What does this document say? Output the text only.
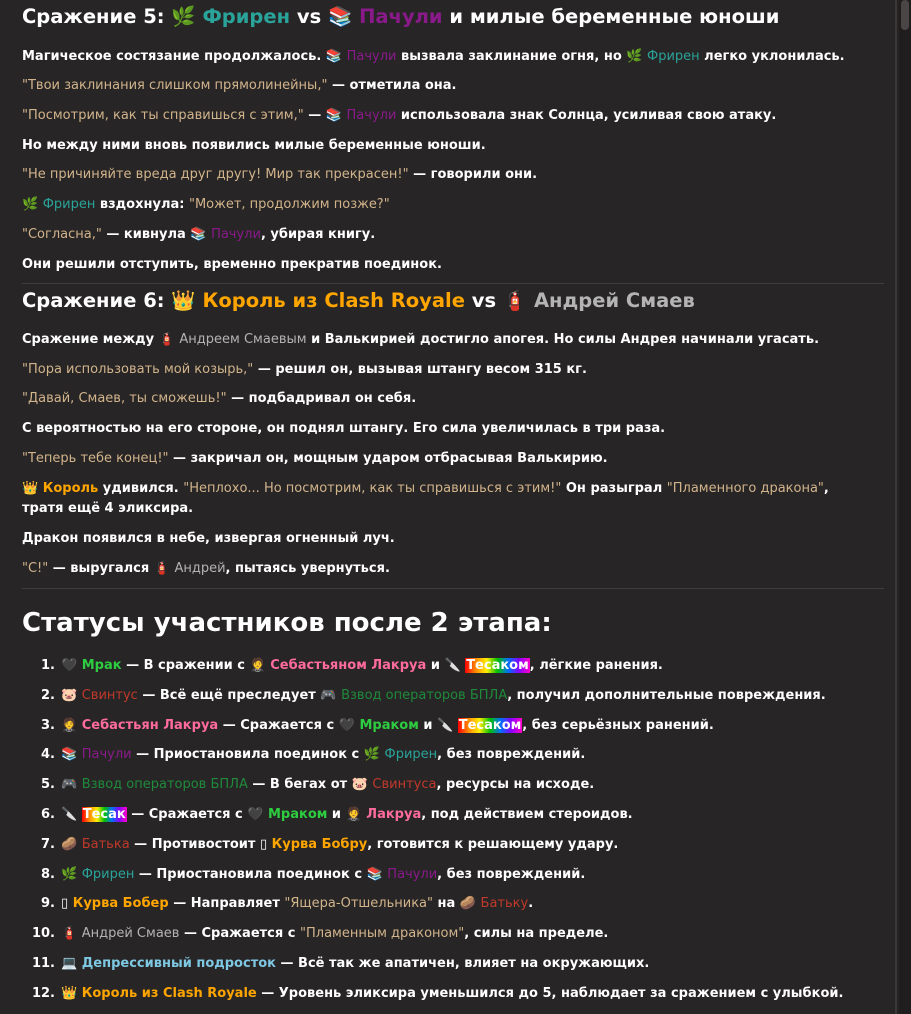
Сражение 5: 🌿 Фрирен vs 📚 Пачули и милые беременные юноши

Магическое состязание продолжалось. 📚 Пачули вызвала заклинание огня, но 🌿 Фрирен легко уклонилась.

"Твои заклинания слишком прямолинейны," — отметила она.

"Посмотрим, как ты справишься с этим," — 📚 Пачули использовала знак Солнца, усиливая свою атаку.

Но между ними вновь появились милые беременные юноши.

"Не причиняйте вреда друг другу! Мир так прекрасен!" — говорили они.

🌿 Фрирен вздохнула: "Может, продолжим позже?"

"Согласна," — кивнула 📚 Пачули, убирая книгу.

Они решили отступить, временно прекратив поединок.

Сражение 6: 👑 Король из Clash Royale vs 🧯 Андрей Смаев

Сражение между 🧯 Андреем Смаевым и Валькирией достигло апогея. Но силы Андрея начинали угасать.

"Пора использовать мой козырь," — решил он, вызывая штангу весом 315 кг.

"Давай, Смаев, ты сможешь!" — подбадривал он себя.

С вероятностью на его стороне, он поднял штангу. Его сила увеличилась в три раза.

"Теперь тебе конец!" — закричал он, мощным ударом отбрасывая Валькирию.

👑 Король удивился. "Неплохо... Но посмотрим, как ты справишься с этим!" Он разыграл "Пламенного дракона", тратя ещё 4 эликсира.

Дракон появился в небе, извергая огненный луч.

"С!" — выругался 🧯 Андрей, пытаясь увернуться.

Статусы участников после 2 этапа:
1. 🖤 Мрак — В сражении с 🤵 Себастьяном Лакруа и 🔪 Тесаком, лёгкие ранения.
2. 🐷 Свинтус — Всё ещё преследует 🎮 Взвод операторов БПЛА, получил дополнительные повреждения.
3. 🤵 Себастьян Лакруа — Сражается с 🖤 Мраком и 🔪 Тесаком, без серьёзных ранений.
4. 📚 Пачули — Приостановила поединок с 🌿 Фрирен, без повреждений.
5. 🎮 Взвод операторов БПЛА — В бегах от 🐷 Свинтуса, ресурсы на исходе.
6. 🔪 Тесак — Сражается с 🖤 Мраком и 🤵 Лакруа, под действием стероидов.
7. 🥔 Батька — Противостоит ▯ Курва Бобру, готовится к решающему удару.
8. 🌿 Фрирен — Приостановила поединок с 📚 Пачули, без повреждений.
9. ▯ Курва Бобер — Направляет "Ящера-Отшельника" на 🥔 Батьку.
10. 🧯 Андрей Смаев — Сражается с "Пламенным драконом", силы на пределе.
11. 💻 Депрессивный подросток — Всё так же апатичен, влияет на окружающих.
12. 👑 Король из Clash Royale — Уровень эликсира уменьшился до 5, наблюдает за сражением с улыбкой.
